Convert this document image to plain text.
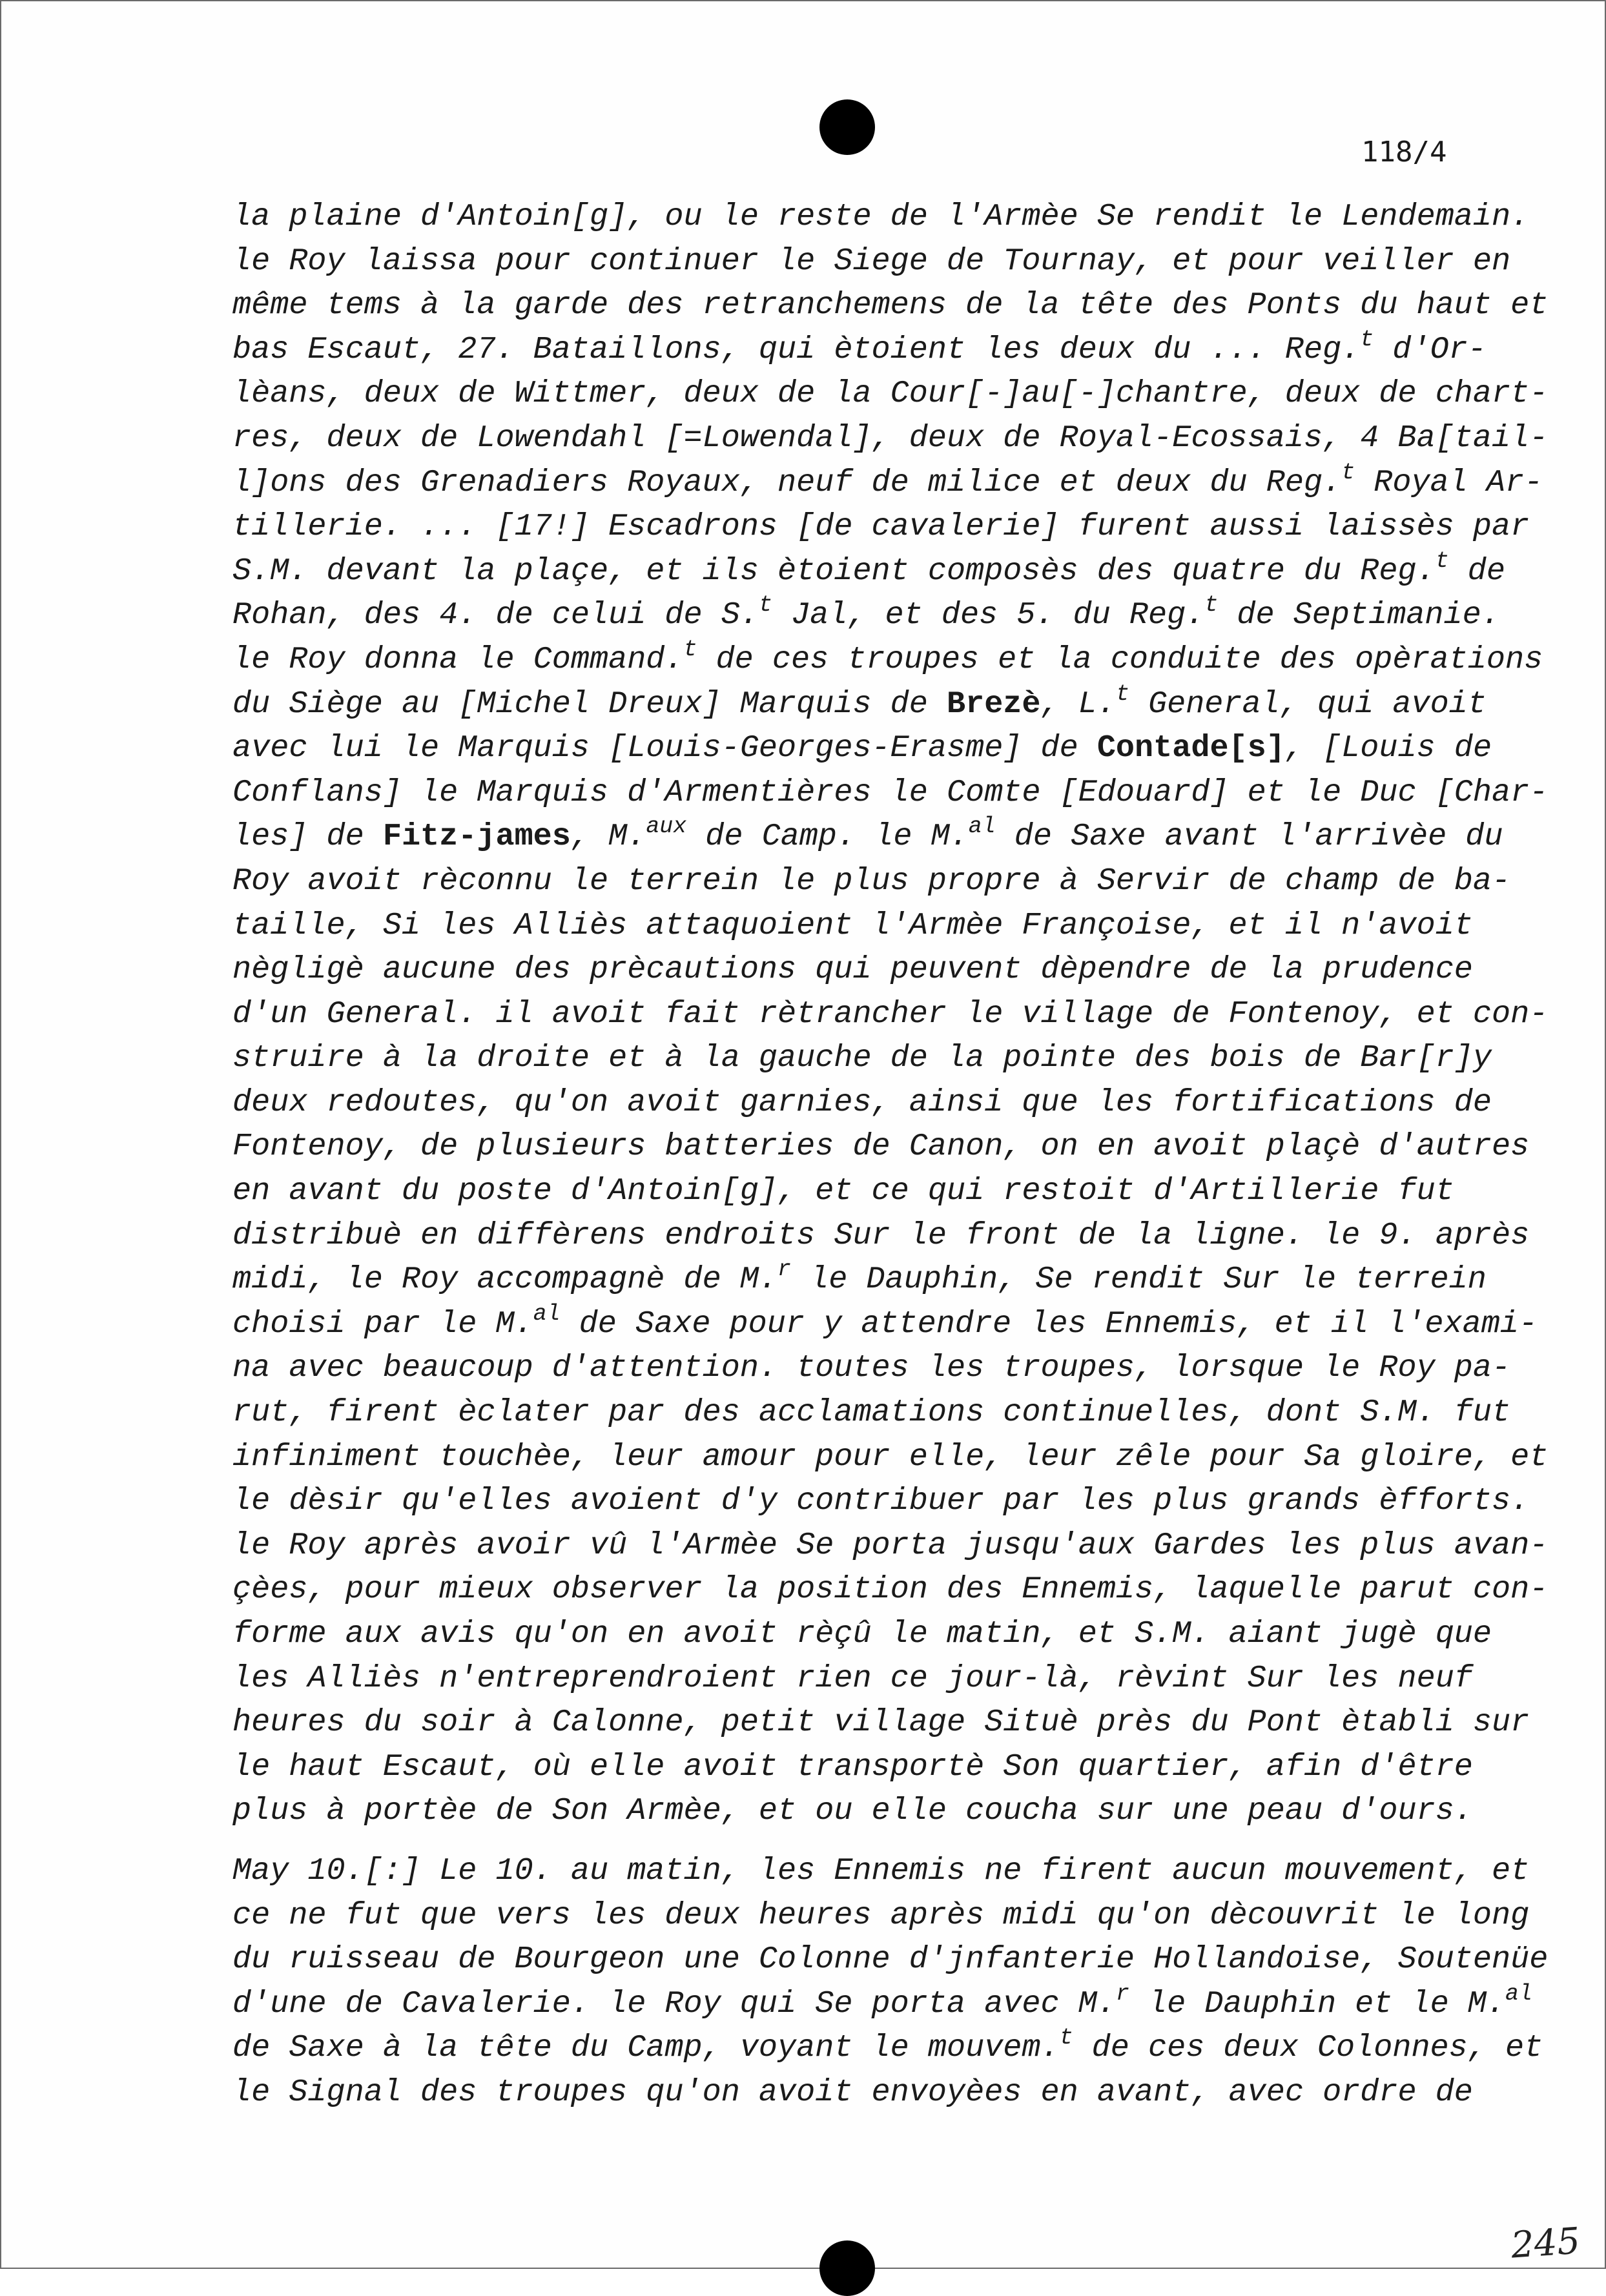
118/4
la plaine d'Antoin[g], ou le reste de l'Armèe Se rendit le Lendemain.
le Roy laissa pour continuer le Siege de Tournay, et pour veiller en
même tems à la garde des retranchemens de la tête des Ponts du haut et
bas Escaut, 27. Bataillons, qui ètoient les deux du ... Reg.$^t$ d'Or-
lèans, deux de Wittmer, deux de la Cour[-]au[-]chantre, deux de chart-
res, deux de Lowendahl [=Lowendal], deux de Royal-Ecossais, 4 Ba[tail-
l]ons des Grenadiers Royaux, neuf de milice et deux du Reg.$^t$ Royal Ar-
tillerie. ... [17!] Escadrons [de cavalerie] furent aussi laissès par
S.M. devant la plaçe, et ils ètoient composès des quatre du Reg.$^t$ de
Rohan, des 4. de celui de S.$^t$ Jal, et des 5. du Reg.$^t$ de Septimanie.
le Roy donna le Command.$^t$ de ces troupes et la conduite des opèrations
du Siège au [Michel Dreux] Marquis de Brezè, L.$^t$ General, qui avoit
avec lui le Marquis [Louis-Georges-Erasme] de Contade[s], [Louis de
Conflans] le Marquis d'Armentières le Comte [Edouard] et le Duc [Char-
les] de Fitz-james, M.$^{aux}$ de Camp. le M.$^{al}$ de Saxe avant l'arrivèe du
Roy avoit rèconnu le terrein le plus propre à Servir de champ de ba-
taille, Si les Alliès attaquoient l'Armèe Françoise, et il n'avoit
nègligè aucune des prècautions qui peuvent dèpendre de la prudence
d'un General. il avoit fait rètrancher le village de Fontenoy, et con-
struire à la droite et à la gauche de la pointe des bois de Bar[r]y
deux redoutes, qu'on avoit garnies, ainsi que les fortifications de
Fontenoy, de plusieurs batteries de Canon, on en avoit plaçè d'autres
en avant du poste d'Antoin[g], et ce qui restoit d'Artillerie fut
distribuè en diffèrens endroits Sur le front de la ligne. le 9. après
midi, le Roy accompagnè de M.$^r$ le Dauphin, Se rendit Sur le terrein
choisi par le M.$^{al}$ de Saxe pour y attendre les Ennemis, et il l'exami-
na avec beaucoup d'attention. toutes les troupes, lorsque le Roy pa-
rut, firent èclater par des acclamations continuelles, dont S.M. fut
infiniment touchèe, leur amour pour elle, leur zêle pour Sa gloire, et
le dèsir qu'elles avoient d'y contribuer par les plus grands èfforts.
le Roy après avoir vû l'Armèe Se porta jusqu'aux Gardes les plus avan-
çèes, pour mieux observer la position des Ennemis, laquelle parut con-
forme aux avis qu'on en avoit rèçû le matin, et S.M. aiant jugè que
les Alliès n'entreprendroient rien ce jour-là, rèvint Sur les neuf
heures du soir à Calonne, petit village Situè près du Pont ètabli sur
le haut Escaut, où elle avoit transportè Son quartier, afin d'être
plus à portèe de Son Armèe, et ou elle coucha sur une peau d'ours.
May 10.[:] Le 10. au matin, les Ennemis ne firent aucun mouvement, et
ce ne fut que vers les deux heures après midi qu'on dècouvrit le long
du ruisseau de Bourgeon une Colonne d'jnfanterie Hollandoise, Soutenüe
d'une de Cavalerie. le Roy qui Se porta avec M.$^r$ le Dauphin et le M.$^{al}$
de Saxe à la tête du Camp, voyant le mouvem.$^t$ de ces deux Colonnes, et
le Signal des troupes qu'on avoit envoyèes en avant, avec ordre de
245
